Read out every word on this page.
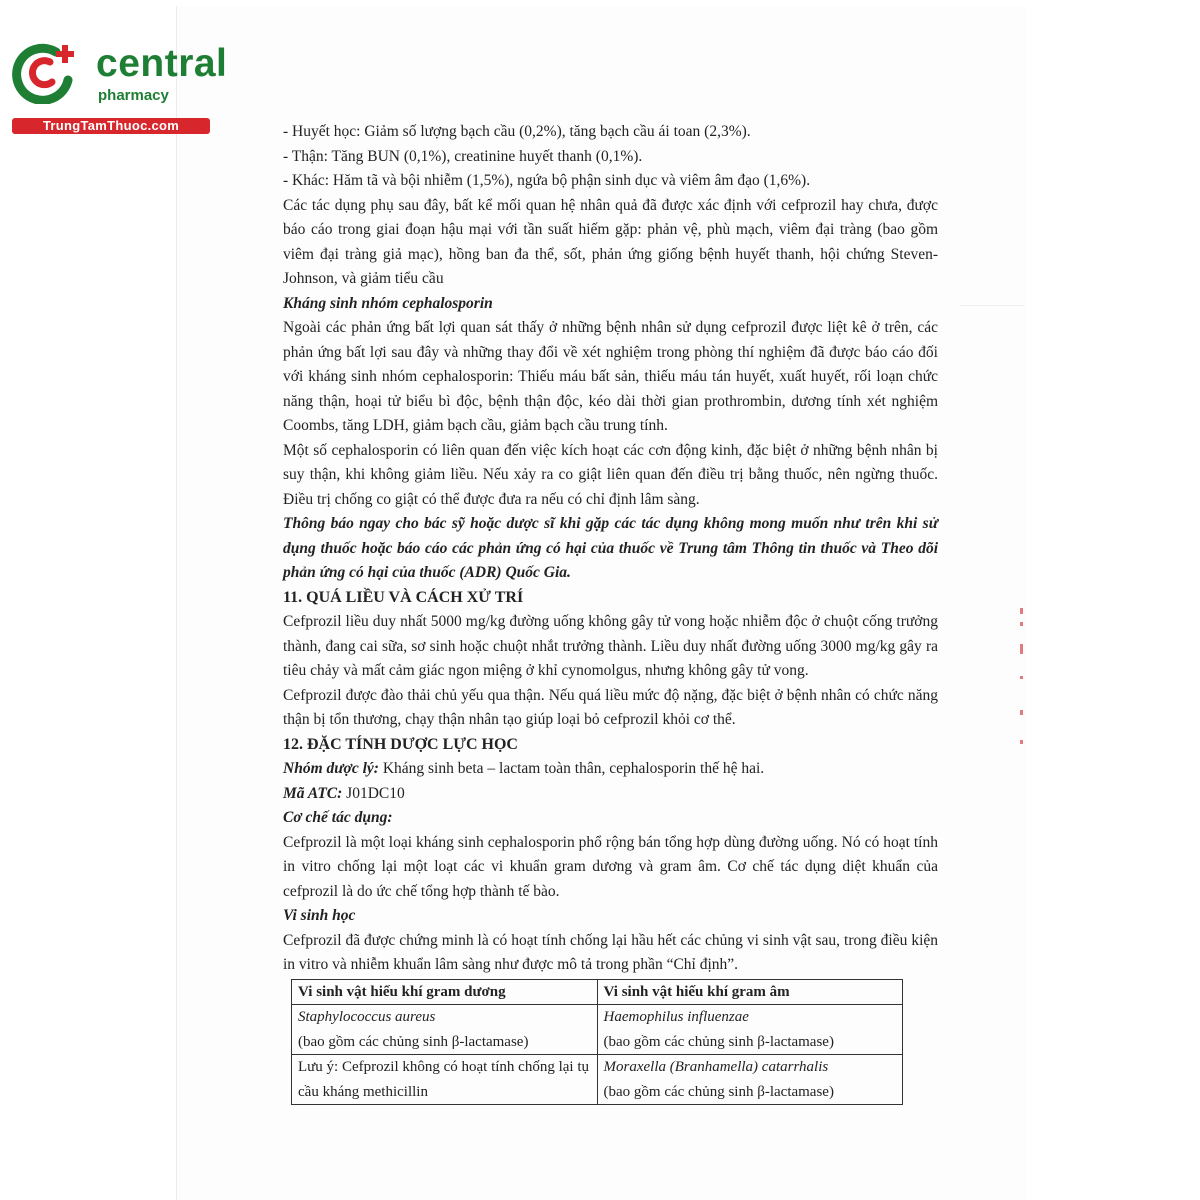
central
pharmacy
TrungTamThuoc.com	- Huyết học: Giảm số lượng bạch cầu (0,2%), tăng bạch cầu ái toan (2,3%).

- Thận: Tăng BUN (0,1%), creatinine huyết thanh (0,1%).

- Khác: Hăm tã và bội nhiễm (1,5%), ngứa bộ phận sinh dục và viêm âm đạo (1,6%).

Các tác dụng phụ sau đây, bất kể mối quan hệ nhân quả đã được xác định với cefprozil hay chưa, được báo cáo trong giai đoạn hậu mại với tần suất hiếm gặp: phản vệ, phù mạch, viêm đại tràng (bao gồm viêm đại tràng giả mạc), hồng ban đa thể, sốt, phản ứng giống bệnh huyết thanh, hội chứng Steven-Johnson, và giảm tiểu cầu

Kháng sinh nhóm cephalosporin

Ngoài các phản ứng bất lợi quan sát thấy ở những bệnh nhân sử dụng cefprozil được liệt kê ở trên, các phản ứng bất lợi sau đây và những thay đổi về xét nghiệm trong phòng thí nghiệm đã được báo cáo đối với kháng sinh nhóm cephalosporin: Thiếu máu bất sản, thiếu máu tán huyết, xuất huyết, rối loạn chức năng thận, hoại tử biểu bì độc, bệnh thận độc, kéo dài thời gian prothrombin, dương tính xét nghiệm Coombs, tăng LDH, giảm bạch cầu, giảm bạch cầu trung tính.

Một số cephalosporin có liên quan đến việc kích hoạt các cơn động kinh, đặc biệt ở những bệnh nhân bị suy thận, khi không giảm liều. Nếu xảy ra co giật liên quan đến điều trị bằng thuốc, nên ngừng thuốc. Điều trị chống co giật có thể được đưa ra nếu có chỉ định lâm sàng.

Thông báo ngay cho bác sỹ hoặc dược sĩ khi gặp các tác dụng không mong muốn như trên khi sử dụng thuốc hoặc báo cáo các phản ứng có hại của thuốc về Trung tâm Thông tin thuốc và Theo dõi phản ứng có hại của thuốc (ADR) Quốc Gia.

11. QUÁ LIỀU VÀ CÁCH XỬ TRÍ

Cefprozil liều duy nhất 5000 mg/kg đường uống không gây tử vong hoặc nhiễm độc ở chuột cống trưởng thành, đang cai sữa, sơ sinh hoặc chuột nhắt trưởng thành. Liều duy nhất đường uống 3000 mg/kg gây ra tiêu chảy và mất cảm giác ngon miệng ở khỉ cynomolgus, nhưng không gây tử vong.

Cefprozil được đào thải chủ yếu qua thận. Nếu quá liều mức độ nặng, đặc biệt ở bệnh nhân có chức năng thận bị tổn thương, chạy thận nhân tạo giúp loại bỏ cefprozil khỏi cơ thể.

12. ĐẶC TÍNH DƯỢC LỰC HỌC

Nhóm dược lý: Kháng sinh beta – lactam toàn thân, cephalosporin thế hệ hai.

Mã ATC: J01DC10

Cơ chế tác dụng:

Cefprozil là một loại kháng sinh cephalosporin phổ rộng bán tổng hợp dùng đường uống. Nó có hoạt tính in vitro chống lại một loạt các vi khuẩn gram dương và gram âm. Cơ chế tác dụng diệt khuẩn của cefprozil là do ức chế tổng hợp thành tế bào.

Vi sinh học

Cefprozil đã được chứng minh là có hoạt tính chống lại hầu hết các chủng vi sinh vật sau, trong điều kiện in vitro và nhiễm khuẩn lâm sàng như được mô tả trong phần “Chỉ định”.

Vi sinh vật hiếu khí gram dương	Vi sinh vật hiếu khí gram âm

Staphylococcus aureus
(bao gồm các chủng sinh β-lactamase)	Haemophilus influenzae
(bao gồm các chủng sinh β-lactamase)

Lưu ý: Cefprozil không có hoạt tính chống lại tụ cầu kháng methicillin	Moraxella (Branhamella) catarrhalis
(bao gồm các chủng sinh β-lactamase)
